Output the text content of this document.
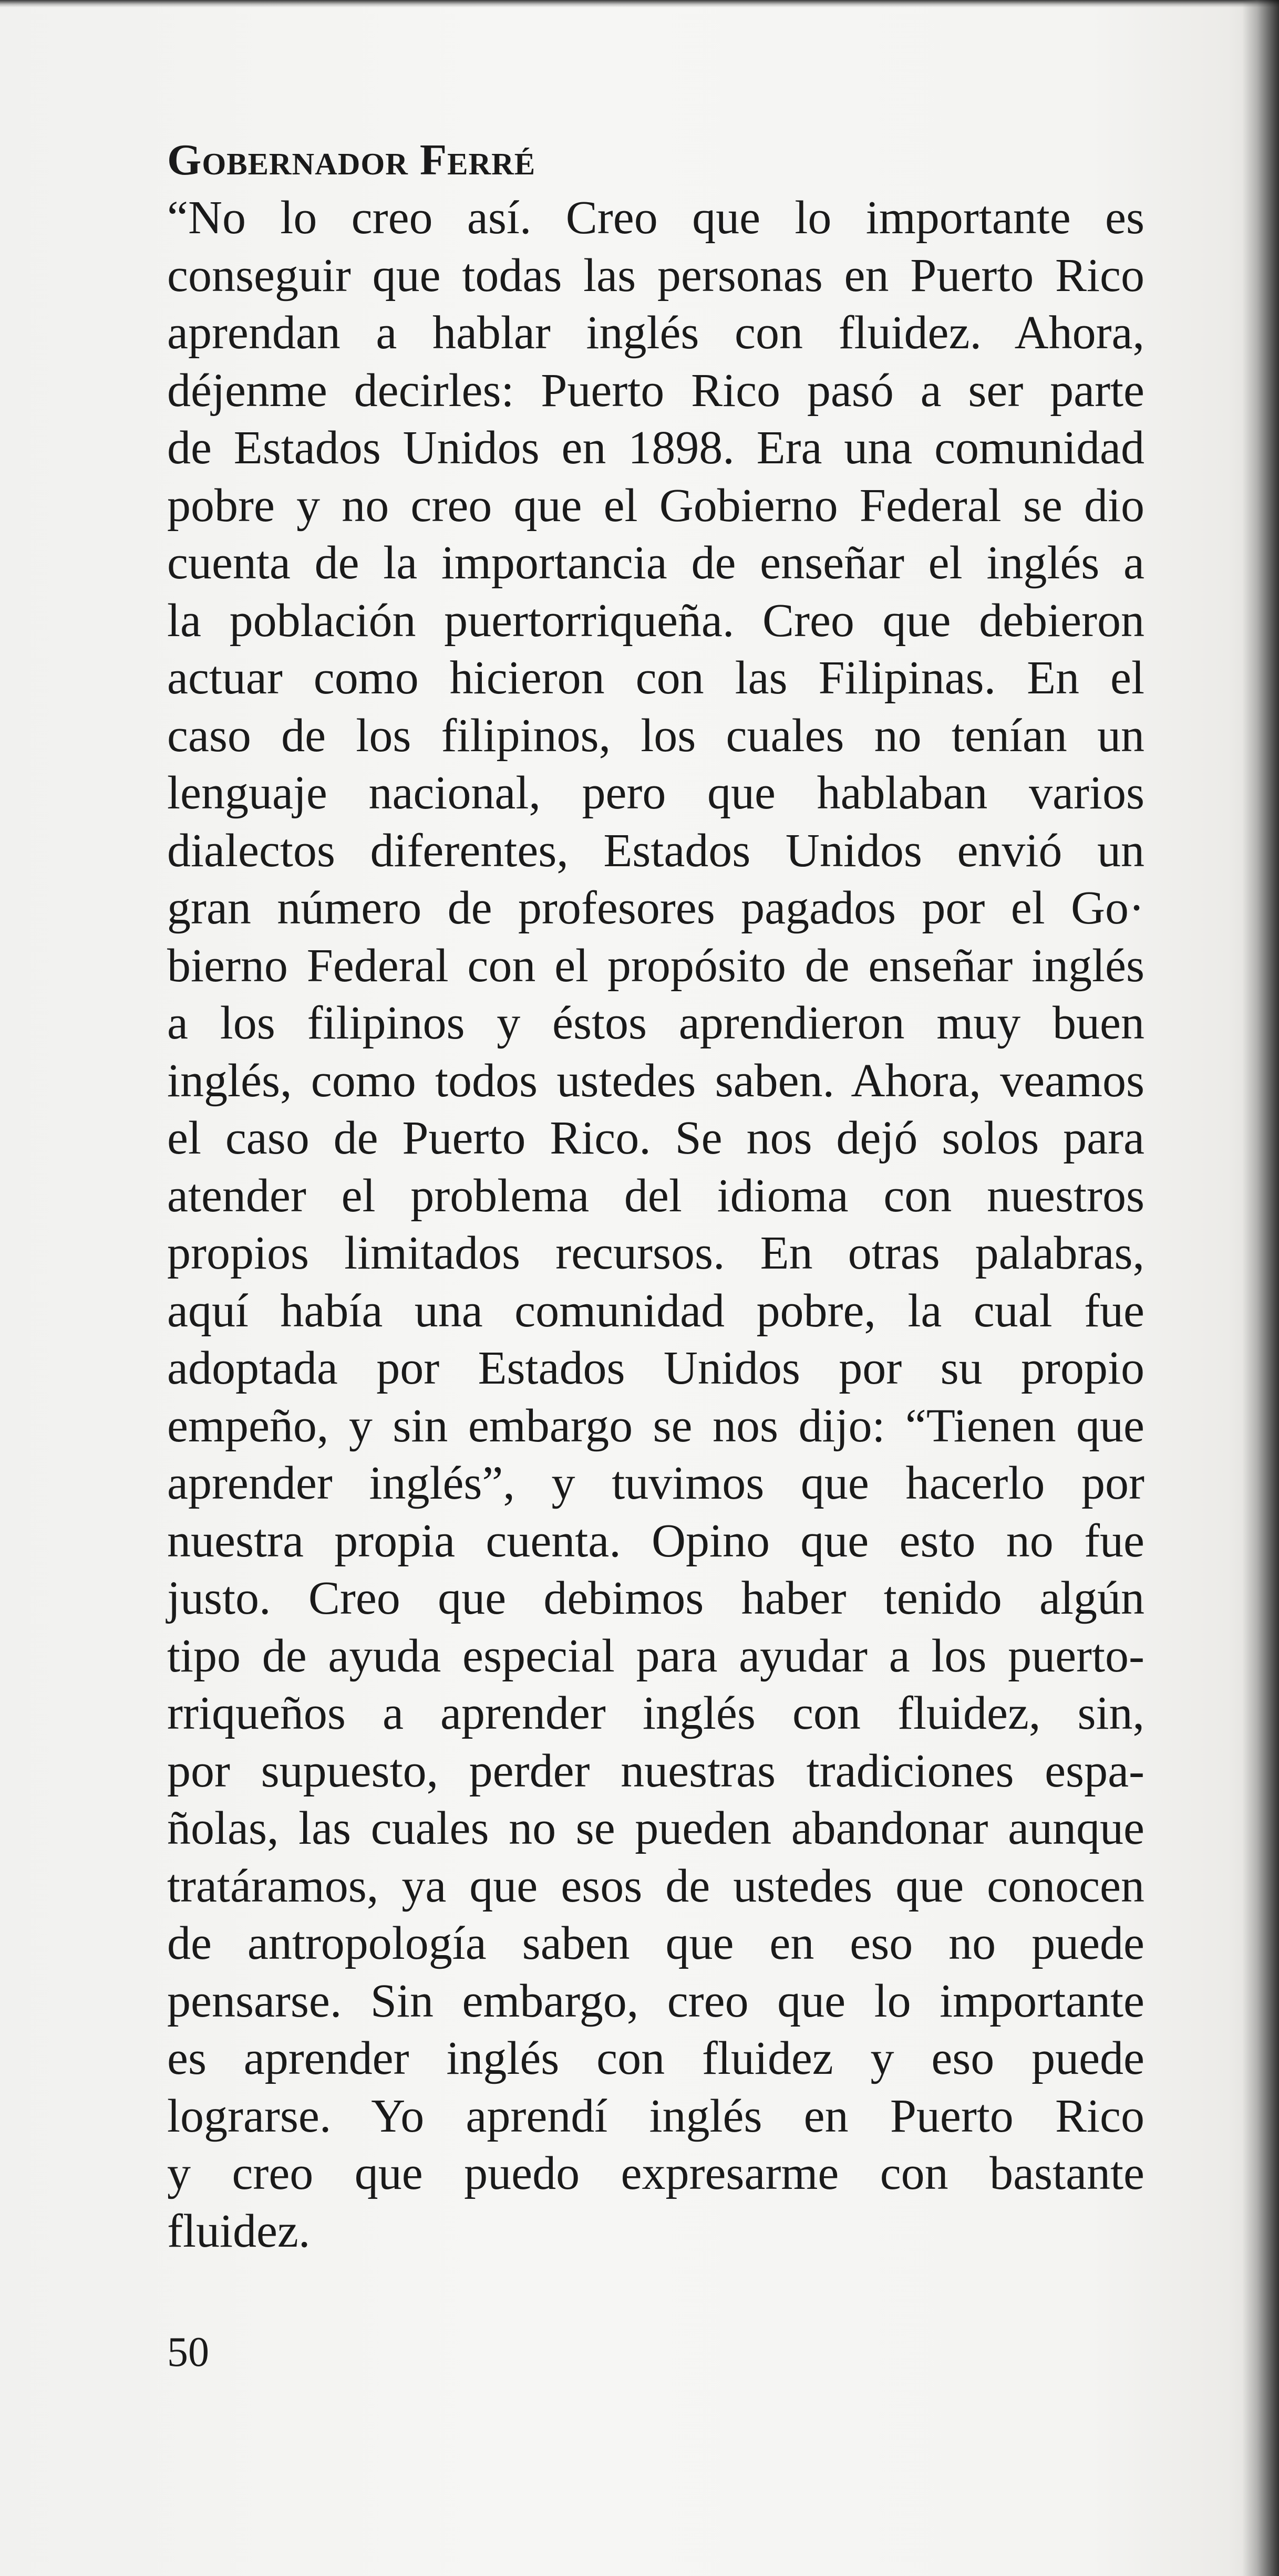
Gobernador Ferré
“No lo creo así. Creo que lo importante es
conseguir que todas las personas en Puerto Rico
aprendan a hablar inglés con fluidez. Ahora,
déjenme decirles: Puerto Rico pasó a ser parte
de Estados Unidos en 1898. Era una comunidad
pobre y no creo que el Gobierno Federal se dio
cuenta de la importancia de enseñar el inglés a
la población puertorriqueña. Creo que debieron
actuar como hicieron con las Filipinas. En el
caso de los filipinos, los cuales no tenían un
lenguaje nacional, pero que hablaban varios
dialectos diferentes, Estados Unidos envió un
gran número de profesores pagados por el Go·
bierno Federal con el propósito de enseñar inglés
a los filipinos y éstos aprendieron muy buen
inglés, como todos ustedes saben. Ahora, veamos
el caso de Puerto Rico. Se nos dejó solos para
atender el problema del idioma con nuestros
propios limitados recursos. En otras palabras,
aquí había una comunidad pobre, la cual fue
adoptada por Estados Unidos por su propio
empeño, y sin embargo se nos dijo: “Tienen que
aprender inglés”, y tuvimos que hacerlo por
nuestra propia cuenta. Opino que esto no fue
justo. Creo que debimos haber tenido algún
tipo de ayuda especial para ayudar a los puerto-
rriqueños a aprender inglés con fluidez, sin,
por supuesto, perder nuestras tradiciones espa-
ñolas, las cuales no se pueden abandonar aunque
tratáramos, ya que esos de ustedes que conocen
de antropología saben que en eso no puede
pensarse. Sin embargo, creo que lo importante
es aprender inglés con fluidez y eso puede
lograrse. Yo aprendí inglés en Puerto Rico
y creo que puedo expresarme con bastante
fluidez.
50
